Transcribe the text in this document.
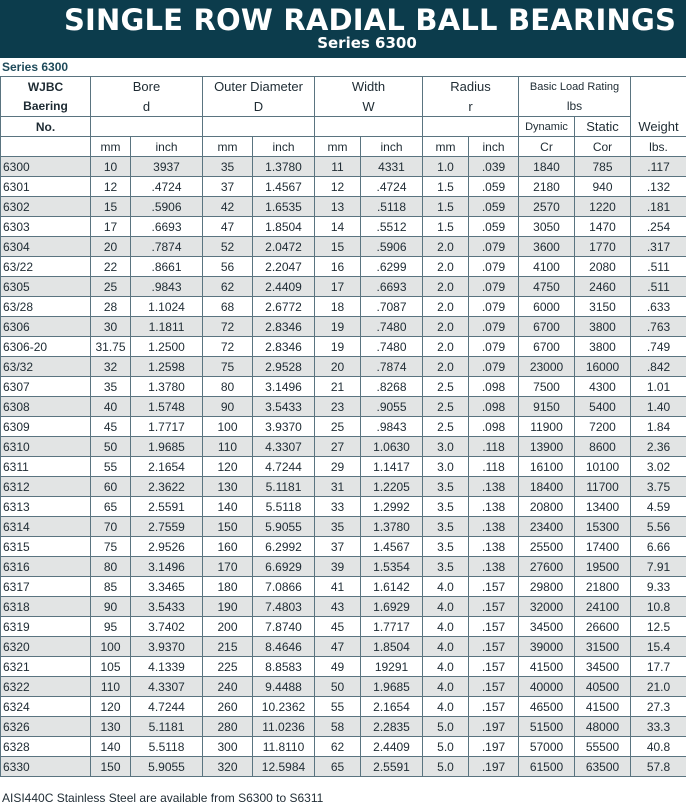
SINGLE ROW RADIAL BALL BEARINGS
Series 6300
Series 6300
WJBC	Bore		Outer Diameter		Width		Radius		Basic Load Rating		
Baering	d		D		W		r		lbs		
No.									Dynamic	Static	Weight
	mm	inch	mm	inch	mm	inch	mm	inch	Cr	Cor	lbs.
6300	10	3937	35	1.3780	11	4331	1.0	.039	1840	785	.117
6301	12	.4724	37	1.4567	12	.4724	1.5	.059	2180	940	.132
6302	15	.5906	42	1.6535	13	.5118	1.5	.059	2570	1220	.181
6303	17	.6693	47	1.8504	14	.5512	1.5	.059	3050	1470	.254
6304	20	.7874	52	2.0472	15	.5906	2.0	.079	3600	1770	.317
63/22	22	.8661	56	2.2047	16	.6299	2.0	.079	4100	2080	.511
6305	25	.9843	62	2.4409	17	.6693	2.0	.079	4750	2460	.511
63/28	28	1.1024	68	2.6772	18	.7087	2.0	.079	6000	3150	.633
6306	30	1.1811	72	2.8346	19	.7480	2.0	.079	6700	3800	.763
6306-20	31.75	1.2500	72	2.8346	19	.7480	2.0	.079	6700	3800	.749
63/32	32	1.2598	75	2.9528	20	.7874	2.0	.079	23000	16000	.842
6307	35	1.3780	80	3.1496	21	.8268	2.5	.098	7500	4300	1.01
6308	40	1.5748	90	3.5433	23	.9055	2.5	.098	9150	5400	1.40
6309	45	1.7717	100	3.9370	25	.9843	2.5	.098	11900	7200	1.84
6310	50	1.9685	110	4.3307	27	1.0630	3.0	.118	13900	8600	2.36
6311	55	2.1654	120	4.7244	29	1.1417	3.0	.118	16100	10100	3.02
6312	60	2.3622	130	5.1181	31	1.2205	3.5	.138	18400	11700	3.75
6313	65	2.5591	140	5.5118	33	1.2992	3.5	.138	20800	13400	4.59
6314	70	2.7559	150	5.9055	35	1.3780	3.5	.138	23400	15300	5.56
6315	75	2.9526	160	6.2992	37	1.4567	3.5	.138	25500	17400	6.66
6316	80	3.1496	170	6.6929	39	1.5354	3.5	.138	27600	19500	7.91
6317	85	3.3465	180	7.0866	41	1.6142	4.0	.157	29800	21800	9.33
6318	90	3.5433	190	7.4803	43	1.6929	4.0	.157	32000	24100	10.8
6319	95	3.7402	200	7.8740	45	1.7717	4.0	.157	34500	26600	12.5
6320	100	3.9370	215	8.4646	47	1.8504	4.0	.157	39000	31500	15.4
6321	105	4.1339	225	8.8583	49	19291	4.0	.157	41500	34500	17.7
6322	110	4.3307	240	9.4488	50	1.9685	4.0	.157	40000	40500	21.0
6324	120	4.7244	260	10.2362	55	2.1654	4.0	.157	46500	41500	27.3
6326	130	5.1181	280	11.0236	58	2.2835	5.0	.197	51500	48000	33.3
6328	140	5.5118	300	11.8110	62	2.4409	5.0	.197	57000	55500	40.8
6330	150	5.9055	320	12.5984	65	2.5591	5.0	.197	61500	63500	57.8
AISI440C Stainless Steel are available from S6300 to S6311
